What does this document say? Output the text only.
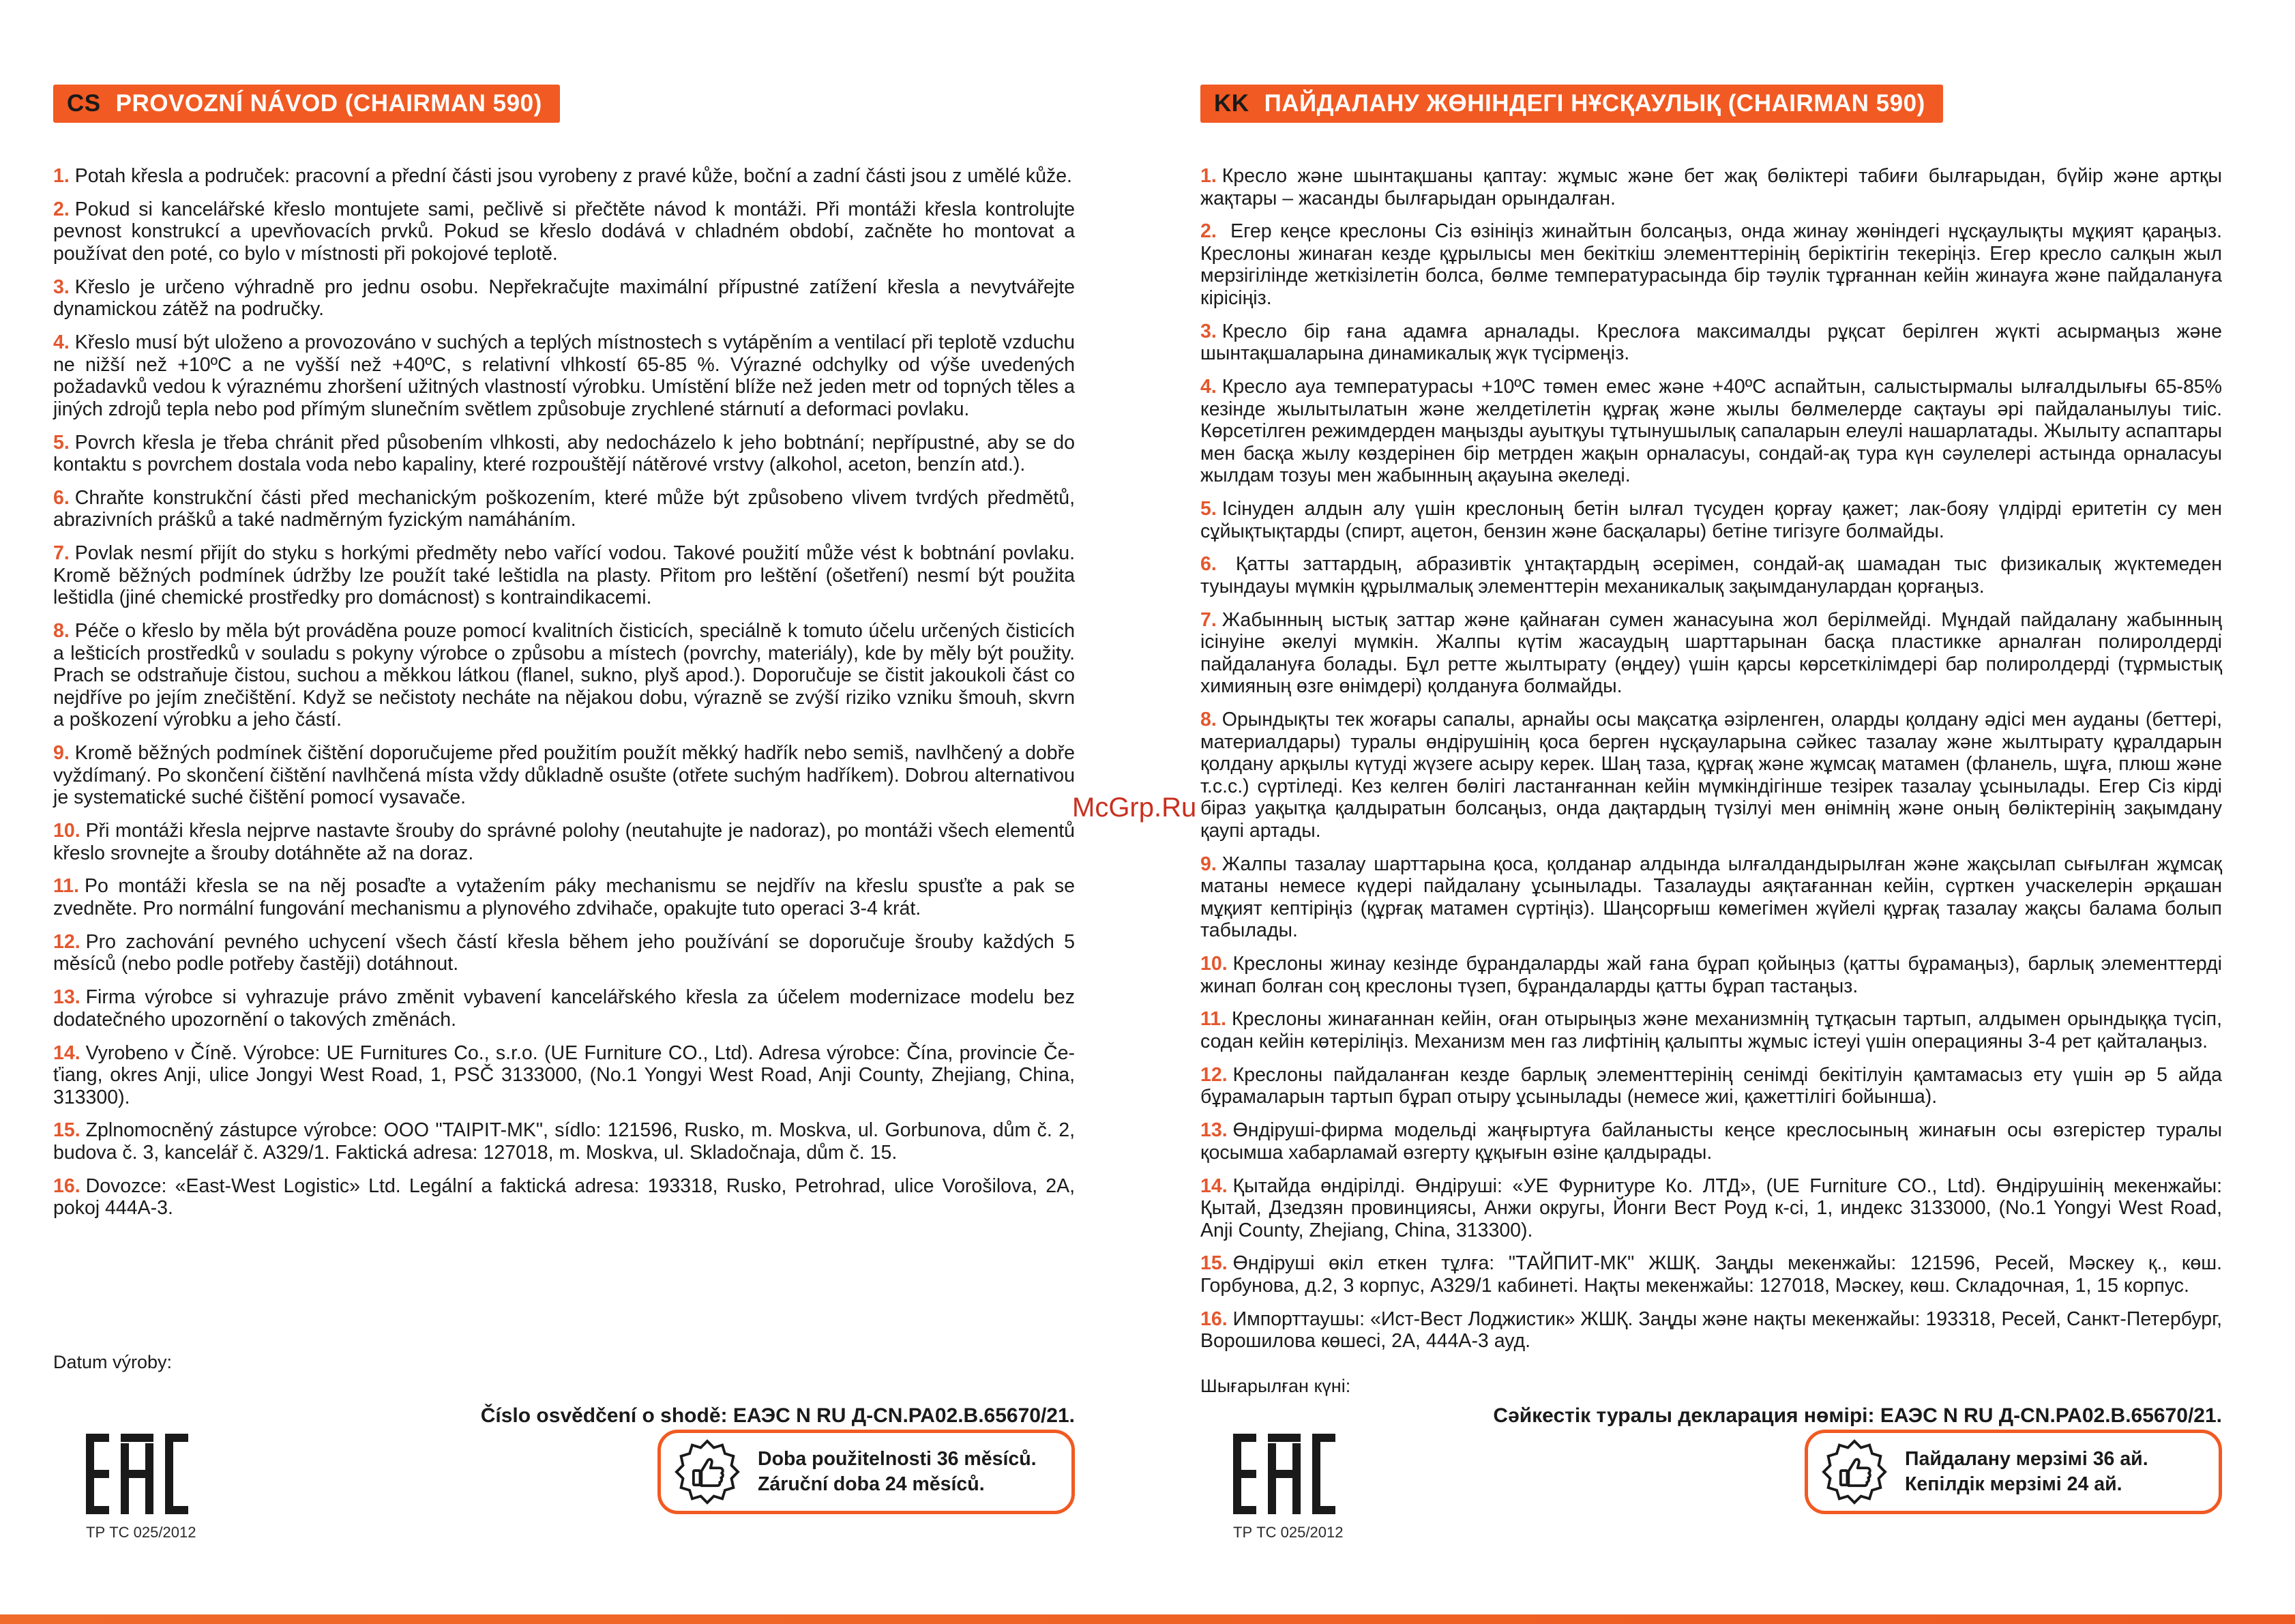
CS PROVOZNÍ NÁVOD (CHAIRMAN 590)

1. Potah křesla a područek: pracovní a přední části jsou vyrobeny z pravé kůže, boční a zadní části jsou z umělé kůže.

2. Pokud si kancelářské křeslo montujete sami, pečlivě si přečtěte návod k montáži. Při montáži křesla kontrolujte pevnost konstrukcí a upevňovacích prvků. Pokud se křeslo dodává v chladném období, začněte ho montovat a používat den poté, co bylo v místnosti při pokojové teplotě.

3. Křeslo je určeno výhradně pro jednu osobu. Nepřekračujte maximální přípustné zatížení křesla a nevytvářejte dynamickou zátěž na područky.

4. Křeslo musí být uloženo a provozováno v suchých a teplých místnostech s vytápěním a ventilací při teplotě vzduchu ne nižší než +10ºC a ne vyšší než +40ºC, s relativní vlhkostí 65-85 %. Výrazné odchylky od výše uvedených požadavků vedou k výraznému zhoršení užitných vlastností výrobku. Umístění blíže než jeden metr od topných těles a jiných zdrojů tepla nebo pod přímým slunečním světlem způsobuje zrychlené stárnutí a deformaci povlaku.

5. Povrch křesla je třeba chránit před působením vlhkosti, aby nedocházelo k jeho bobtnání; nepřípustné, aby se do kontaktu s povrchem dostala voda nebo kapaliny, které rozpouštějí nátěrové vrstvy (alkohol, aceton, benzín atd.).

6. Chraňte konstrukční části před mechanickým poškozením, které může být způsobeno vlivem tvrdých předmětů, abrazivních prášků a také nadměrným fyzickým namáháním.

7. Povlak nesmí přijít do styku s horkými předměty nebo vařící vodou. Takové použití může vést k bobtnání povlaku. Kromě běžných podmínek údržby lze použít také leštidla na plasty. Přitom pro leštění (ošetření) nesmí být použita leštidla (jiné chemické prostředky pro domácnost) s kontraindikacemi.

8. Péče o křeslo by měla být prováděna pouze pomocí kvalitních čisticích, speciálně k tomuto účelu určených čisticích a lešticích prostředků v souladu s pokyny výrobce o způsobu a místech (povrchy, materiály), kde by měly být použity. Prach se odstraňuje čistou, suchou a měkkou látkou (flanel, sukno, plyš apod.). Doporučuje se čistit jakoukoli část co nejdříve po jejím znečištění. Když se nečistoty necháte na nějakou dobu, výrazně se zvýší riziko vzniku šmouh, skvrn a poškození výrobku a jeho částí.

9. Kromě běžných podmínek čištění doporučujeme před použitím použít měkký hadřík nebo semiš, navlhčený a dobře vyždímaný. Po skončení čištění navlhčená místa vždy důkladně osušte (otřete suchým hadříkem). Dobrou alternativou je systematické suché čištění pomocí vysavače.

10. Při montáži křesla nejprve nastavte šrouby do správné polohy (neutahujte je nadoraz), po montáži všech elementů křeslo srovnejte a šrouby dotáhněte až na doraz.

11. Po montáži křesla se na něj posaďte a vytažením páky mechanismu se nejdřív na křeslu spusťte a pak se zvedněte. Pro normální fungování mechanismu a plynového zdvihače, opakujte tuto operaci 3-4 krát.

12. Pro zachování pevného uchycení všech částí křesla během jeho používání se doporučuje šrouby každých 5 měsíců (nebo podle potřeby častěji) dotáhnout.

13. Firma výrobce si vyhrazuje právo změnit vybavení kancelářského křesla za účelem modernizace modelu bez dodatečného upozornění o takových změnách.

14. Vyrobeno v Číně. Výrobce: UE Furnitures Co., s.r.o. (UE Furniture CO., Ltd). Adresa výrobce: Čína, provincie Če-ťiang, okres Anji, ulice Jongyi West Road, 1, PSČ 3133000, (No.1 Yongyi West Road, Anji County, Zhejiang, China, 313300).

15. Zplnomocněný zástupce výrobce: OOO "TAIPIT-MK", sídlo: 121596, Rusko, m. Moskva, ul. Gorbunova, dům č. 2, budova č. 3, kancelář č. A329/1. Faktická adresa: 127018, m. Moskva, ul. Skladočnaja, dům č. 15.

16. Dovozce: «East-West Logistic» Ltd. Legální a faktická adresa: 193318, Rusko, Petrohrad, ulice Vorošilova, 2A, pokoj 444A-3.

Datum výroby:
Číslo osvědčení o shodě: ЕАЭС N RU Д-CN.РА02.В.65670/21.
ТР ТС 025/2012
Doba použitelnosti 36 měsíců.
Záruční doba 24 měsíců.
KK ПАЙДАЛАНУ ЖӨНІНДЕГІ НҰСҚАУЛЫҚ (CHAIRMAN 590)

1. Кресло және шынтақшаны қаптау: жұмыс және бет жақ бөліктері табиғи былғарыдан, бүйір және артқы жақтары – жасанды былғарыдан орындалған.

2. Егер кеңсе креслоны Сіз өзініңіз жинайтын болсаңыз, онда жинау жөніндегі нұсқаулықты мұқият қараңыз. Креслоны жинаған кезде құрылысы мен бекіткіш элементтерінің беріктігін текеріңіз. Егер кресло салқын жыл мерзігілінде жеткізілетін болса, бөлме температурасында бір тәулік тұрғаннан кейін жинауға және пайдалануға кірісіңіз.

3. Кресло бір ғана адамға арналады. Креслоға максималды рұқсат берілген жүкті асырмаңыз және шынтақшаларына динамикалық жүк түсірмеңіз.

4. Кресло ауа температурасы +10ºC төмен емес және +40ºC аспайтын, салыстырмалы ылғалдылығы 65-85% кезінде жылытылатын және желдетілетін құрғақ және жылы бөлмелерде сақтауы әрі пайдаланылуы тиіс. Көрсетілген режимдерден маңызды ауытқуы тұтынушылық сапаларын елеулі нашарлатады. Жылыту аспаптары мен басқа жылу көздерінен бір метрден жақын орналасуы, сондай-ақ тура күн сәулелері астында орналасуы жылдам тозуы мен жабынның ақауына әкеледі.

5. Ісінуден алдын алу үшін креслоның бетін ылғал түсуден қорғау қажет; лак-бояу үлдірді еритетін су мен сұйықтықтарды (спирт, ацетон, бензин және басқалары) бетіне тигізуге болмайды.

6. Қатты заттардың, абразивтік ұнтақтардың әсерімен, сондай-ақ шамадан тыс физикалық жүктемеден туындауы мүмкін құрылмалық элементтерін механикалық зақымданулардан қорғаңыз.

7. Жабынның ыстық заттар және қайнаған сумен жанасуына жол берілмейді. Мұндай пайдалану жабынның ісінуіне әкелуі мүмкін. Жалпы күтім жасаудың шарттарынан басқа пластикке арналған полиролдерді пайдалануға болады. Бұл ретте жылтырату (өңдеу) үшін қарсы көрсеткілімдері бар полиролдерді (тұрмыстық химияның өзге өнімдері) қолдануға болмайды.

8. Орындықты тек жоғары сапалы, арнайы осы мақсатқа әзірленген, оларды қолдану әдісі мен ауданы (беттері, материалдары) туралы өндірушінің қоса берген нұсқауларына сәйкес тазалау және жылтырату құралдарын қолдану арқылы күтуді жүзеге асыру керек. Шаң таза, құрғақ және жұмсақ матамен (фланель, шұға, плюш және т.с.с.) сүртіледі. Кез келген бөлігі ластанғаннан кейін мүмкіндігінше тезірек тазалау ұсынылады. Егер Сіз кірді біраз уақытқа қалдыратын болсаңыз, онда дақтардың түзілуі мен өнімнің және оның бөліктерінің зақымдану қаупі артады.

9. Жалпы тазалау шарттарына қоса, қолданар алдында ылғалдандырылған және жақсылап сығылған жұмсақ матаны немесе күдері пайдалану ұсынылады. Тазалауды аяқтағаннан кейін, сүрткен учаскелерін әрқашан мұқият кептіріңіз (құрғақ матамен сүртіңіз). Шаңсорғыш көмегімен жүйелі құрғақ тазалау жақсы балама болып табылады.

10. Креслоны жинау кезінде бұрандаларды жай ғана бұрап қойыңыз (қатты бұрамаңыз), барлық элементтерді жинап болған соң креслоны түзеп, бұрандаларды қатты бұрап тастаңыз.

11. Креслоны жинағаннан кейін, оған отырыңыз және механизмнің тұтқасын тартып, алдымен орындыққа түсіп, содан кейін көтеріліңіз. Механизм мен газ лифтінің қалыпты жұмыс істеуі үшін операцияны 3-4 рет қайталаңыз.

12. Креслоны пайдаланған кезде барлық элементтерінің сенімді бекітілуін қамтамасыз ету үшін әр 5 айда бұрамаларын тартып бұрап отыру ұсынылады (немесе жиі, қажеттілігі бойынша).

13. Өндіруші-фирма модельді жаңғыртуға байланысты кеңсе креслосының жинағын осы өзгерістер туралы қосымша хабарламай өзгерту құқығын өзіне қалдырады.

14. Қытайда өндірілді. Өндіруші: «УЕ Фурнитуре Ко. ЛТД», (UE Furniture CO., Ltd). Өндірушінің мекенжайы: Қытай, Дзедзян провинциясы, Анжи округы, Йонги Вест Роуд к-сі, 1, индекс 3133000, (No.1 Yongyi West Road, Anji County, Zhejiang, China, 313300).

15. Өндіруші өкіл еткен тұлға: "ТАЙПИТ-МК" ЖШҚ. Заңды мекенжайы: 121596, Ресей, Мәскеу қ., көш. Горбунова, д.2, 3 корпус, А329/1 кабинеті. Нақты мекенжайы: 127018, Мәскеу, көш. Складочная, 1, 15 корпус.

16. Импорттаушы: «Ист-Вест Лоджистик» ЖШҚ. Заңды және нақты мекенжайы: 193318, Ресей, Санкт-Петербург, Ворошилова көшесі, 2А, 444А-3 ауд.

Шығарылған күні:
Сәйкестік туралы декларация нөмірі: ЕАЭС N RU Д-CN.РА02.В.65670/21.
ТР ТС 025/2012
Пайдалану мерзімі 36 ай.
Кепілдік мерзімі 24 ай.
McGrp.Ru
